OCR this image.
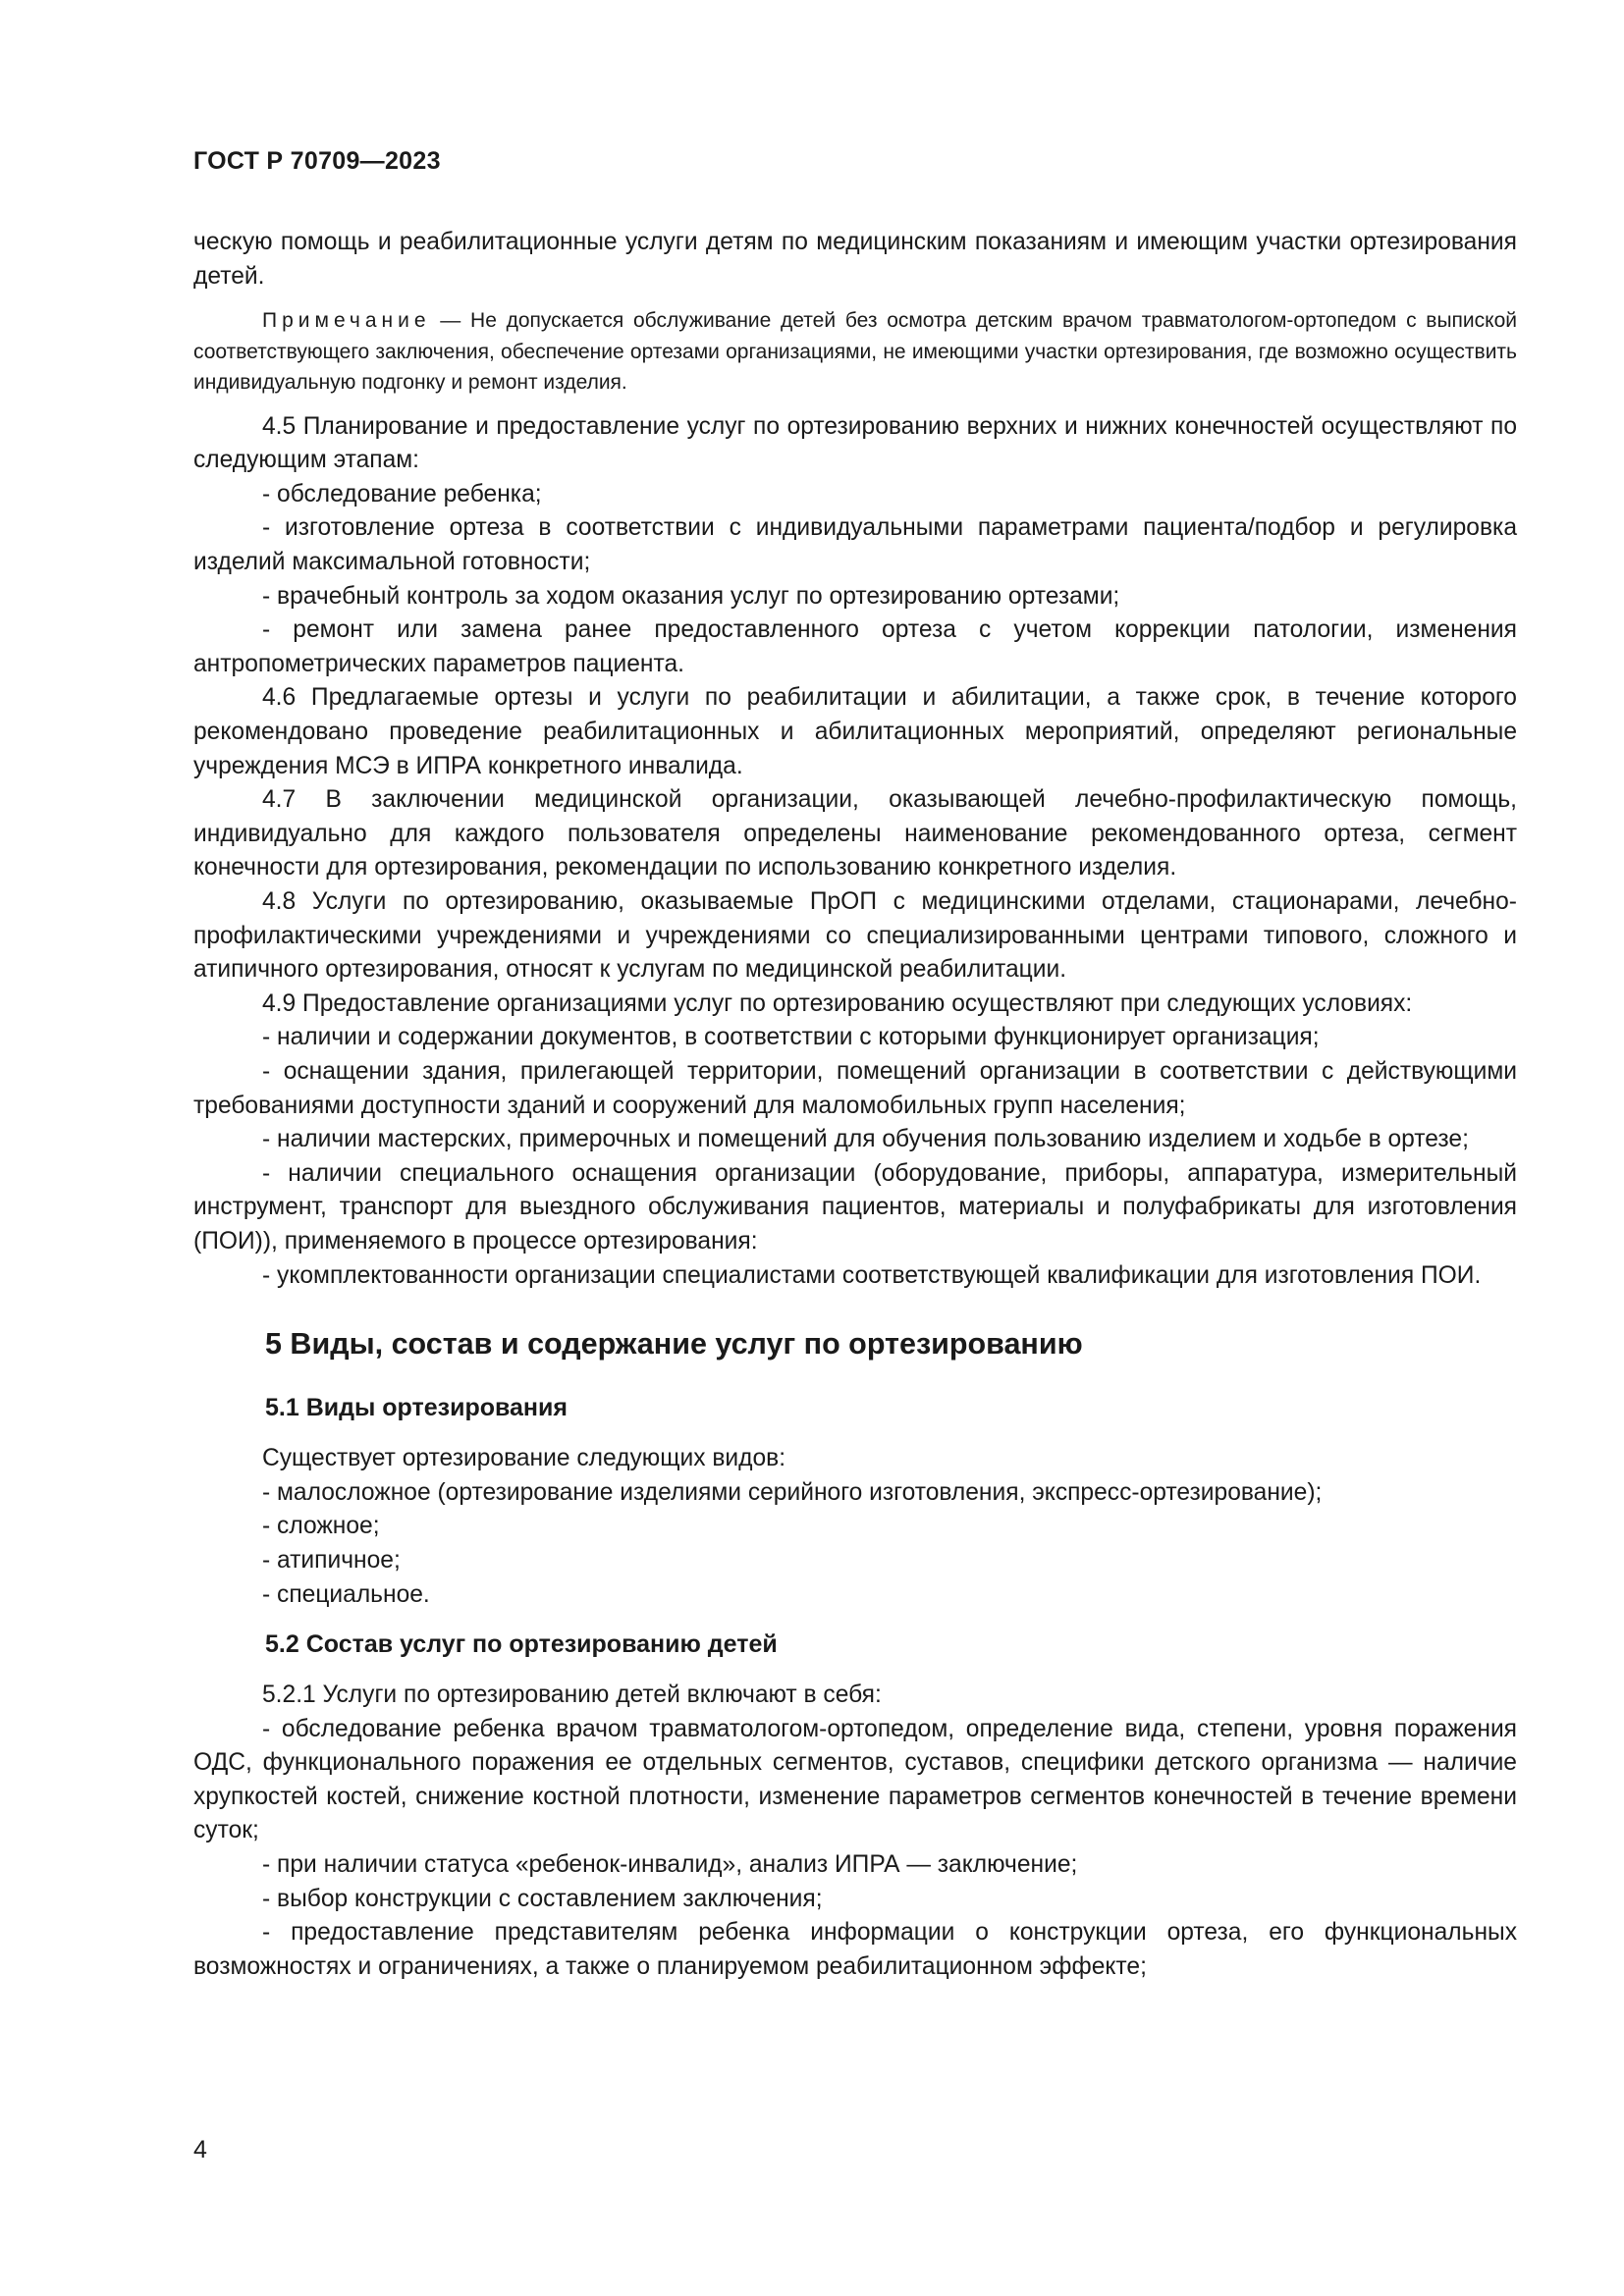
ГОСТ Р 70709—2023

ческую помощь и реабилитационные услуги детям по медицинским показаниям и имеющим участки ортезирования детей.

Примечание — Не допускается обслуживание детей без осмотра детским врачом травматологом-ортопедом с выпиской соответствующего заключения, обеспечение ортезами организациями, не имеющими участки ортезирования, где возможно осуществить индивидуальную подгонку и ремонт изделия.

4.5 Планирование и предоставление услуг по ортезированию верхних и нижних конечностей осуществляют по следующим этапам:

- обследование ребенка;

- изготовление ортеза в соответствии с индивидуальными параметрами пациента/подбор и регулировка изделий максимальной готовности;

- врачебный контроль за ходом оказания услуг по ортезированию ортезами;

- ремонт или замена ранее предоставленного ортеза с учетом коррекции патологии, изменения антропометрических параметров пациента.

4.6 Предлагаемые ортезы и услуги по реабилитации и абилитации, а также срок, в течение которого рекомендовано проведение реабилитационных и абилитационных мероприятий, определяют региональные учреждения МСЭ в ИПРА конкретного инвалида.

4.7 В заключении медицинской организации, оказывающей лечебно-профилактическую помощь, индивидуально для каждого пользователя определены наименование рекомендованного ортеза, сегмент конечности для ортезирования, рекомендации по использованию конкретного изделия.

4.8 Услуги по ортезированию, оказываемые ПрОП с медицинскими отделами, стационарами, лечебно-профилактическими учреждениями и учреждениями со специализированными центрами типового, сложного и атипичного ортезирования, относят к услугам по медицинской реабилитации.

4.9 Предоставление организациями услуг по ортезированию осуществляют при следующих условиях:

- наличии и содержании документов, в соответствии с которыми функционирует организация;

- оснащении здания, прилегающей территории, помещений организации в соответствии с действующими требованиями доступности зданий и сооружений для маломобильных групп населения;

- наличии мастерских, примерочных и помещений для обучения пользованию изделием и ходьбе в ортезе;

- наличии специального оснащения организации (оборудование, приборы, аппаратура, измерительный инструмент, транспорт для выездного обслуживания пациентов, материалы и полуфабрикаты для изготовления (ПОИ)), применяемого в процессе ортезирования:

- укомплектованности организации специалистами соответствующей квалификации для изготовления ПОИ.

5 Виды, состав и содержание услуг по ортезированию
5.1 Виды ортезирования

Существует ортезирование следующих видов:

- малосложное (ортезирование изделиями серийного изготовления, экспресс-ортезирование);

- сложное;

- атипичное;

- специальное.

5.2 Состав услуг по ортезированию детей

5.2.1 Услуги по ортезированию детей включают в себя:

- обследование ребенка врачом травматологом-ортопедом, определение вида, степени, уровня поражения ОДС, функционального поражения ее отдельных сегментов, суставов, специфики детского организма — наличие хрупкостей костей, снижение костной плотности, изменение параметров сегментов конечностей в течение времени суток;

- при наличии статуса «ребенок-инвалид», анализ ИПРА — заключение;

- выбор конструкции с составлением заключения;

- предоставление представителям ребенка информации о конструкции ортеза, его функциональных возможностях и ограничениях, а также о планируемом реабилитационном эффекте;

4
